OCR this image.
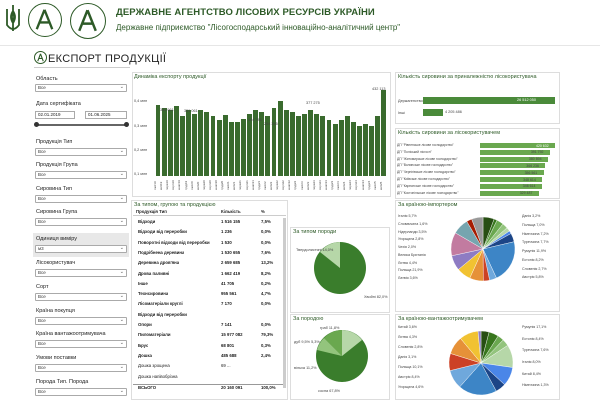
ДЕРЖАВНЕ АГЕНТСТВО ЛІСОВИХ РЕСУРСІВ УКРАЇНИ
Державне підприємство "Лісогосподарський інноваційно-аналітичний центр"
ЕКСПОРТ ПРОДУКЦІЇ
Область
Все ⌄
Дата сертифіката
02.01.2019	01.06.2025
Продукція Тип
Все ⌄
Продукція Група
Все ⌄
Сировина Тип
Все ⌄
Сировина Група
Все ⌄
Одиниця виміру
м3 ⌄
Лісокористувач
Все ⌄
Сорт
Все ⌄
Країна покупця
Все ⌄
Країна вантажоотримувача
Все ⌄
Умови поставки
Все ⌄
Порода Тип. Порода
Все ⌄
Динаміка експорту продукції
0,4 млн
0,3 млн
0,2 млн
0,1 млн
353 961	351 061
304 786
284 385
377 275
432 113
лют19 квіт19 черв19 серп19 жовт19 груд19 лют20 квіт20 черв20 серп20 жовт20 груд20 лют21 квіт21 черв21 серп21 жовт21 груд21 лют22 квіт22 черв22 серп22 жовт22 груд22 лют23 квіт23 черв23 серп23 жовт23 груд23 лют24 квіт24 черв24 серп24 жовт24 груд24 лют25 квіт25
Кількість сировини за приналежністю лісокористувача
Держагенство	26 512 050
Інші	4 205 486
Кількість сировини за лісокористувачем
ДП "Рівненське лісове господарство"	420 632
ДП "Поліський лісгосп"	391 792
ДП "Житомирське лісове господарство"	380 894
ДП "Волинське лісове господарство"	366 236
ДП "Чернігівське лісове господарство"	356 561
ДП "Київське лісове господарство"	348 614
ДП "Карпатське лісове господарство"	346 614
ДП "Костопільське лісове господарство"	329 487
За типом, групою та продукцією
Продукція Тип	Кількість	%
Відходи	1 516 155	7,5%
Відходи від переробки	1 236	0,0%
Поворотні відходи від переробки	1 530	0,0%
Подрібнена деревина	1 530 655	7,6%
Деревина дров'яна	2 659 685	13,2%
Дрова паливні	1 662 419	8,2%
Інше	41 705	0,2%
Технсировина	955 561	4,7%
Лісоматеріали круглі	7 170	0,0%
Відходи від переробки
Опори	7 141	0,0%
Пиломатеріали	15 977 082	79,3%
Брус	68 801	0,3%
Дошка	485 688	2,4%
Дошка зрощена	69 ...
Дошка напівобрізна
ВСЬОГО	20 160 091	100,0%
За типом породи
Твердолистяні 14,0%
Хвойні 82,0%
За породою
граб 11,8%
дуб 9,5% 5,3%
сосна 67,8%
вільха 11,2%
За країною-імпортером
Італія 5,7%
Словаччина 1,6%
Нідерланди 3,5%
Угорщина 2,8%
Чехія 2,0%
Велика Британія
Литва 4,4%
Польща 21,9%
Латвія 3,6%
Данія 3,2%
Польща 7,0%
Німеччина 7,2%
Туреччина 7,7%
Румунія 11,9%
Естонія 8,2%
Словенія 2,7%
Австрія 5,8%
За країною-вантажоотримувачем
Китай 3,6%
Литва 4,3%
Словенія 2,8%
Данія 3,1%
Польща 10,1%
Австрія 8,4%
Угорщина 4,6%
Румунія 17,1%
Естонія 8,4%
Туреччина 7,6%
Італія 8,0%
Китай 8,4%
Німеччина 1,3%
